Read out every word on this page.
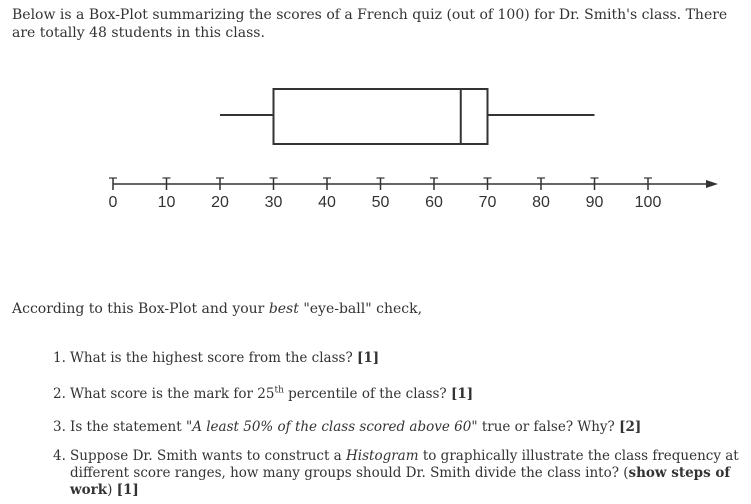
Below is a Box-Plot summarizing the scores of a French quiz (out of 100) for Dr. Smith's class. There are totally 48 students in this class.
0	10 20 30 40 50 60 70 80 90 100
According to this Box-Plot and your best "eye-ball" check,
1. What is the highest score from the class? [1]
2. What score is the mark for 25th percentile of the class? [1]
3. Is the statement "A least 50% of the class scored above 60" true or false? Why? [2]
4. Suppose Dr. Smith wants to construct a Histogram to graphically illustrate the class frequency at different score ranges, how many groups should Dr. Smith divide the class into? (show steps of work) [1]
